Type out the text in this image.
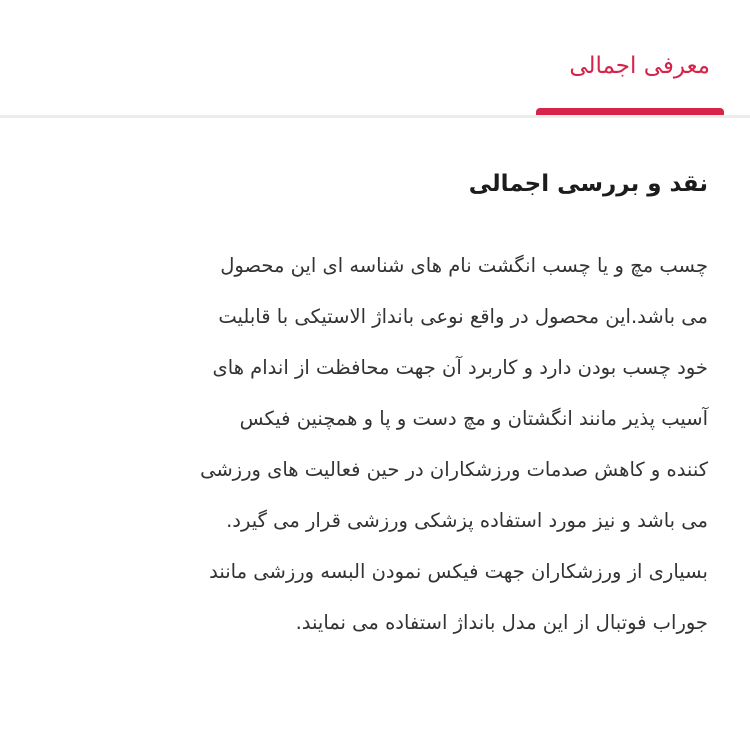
معرفی اجمالی
نقد و بررسی اجمالی

چسب مچ و یا چسب انگشت نام های شناسه ای این محصول
می باشد.این محصول در واقع نوعی بانداژ الاستیکی با قابلیت
خود چسب بودن دارد و کاربرد آن جهت محافظت از اندام های
آسیب پذیر مانند انگشتان و مچ دست و پا و همچنین فیکس
کننده و کاهش صدمات ورزشکاران در حین فعالیت های ورزشی
می باشد و نیز مورد استفاده پزشکی ورزشی قرار می گیرد.
بسیاری از ورزشکاران جهت فیکس نمودن البسه ورزشی مانند
جوراب فوتبال از این مدل بانداژ استفاده می نمایند.
